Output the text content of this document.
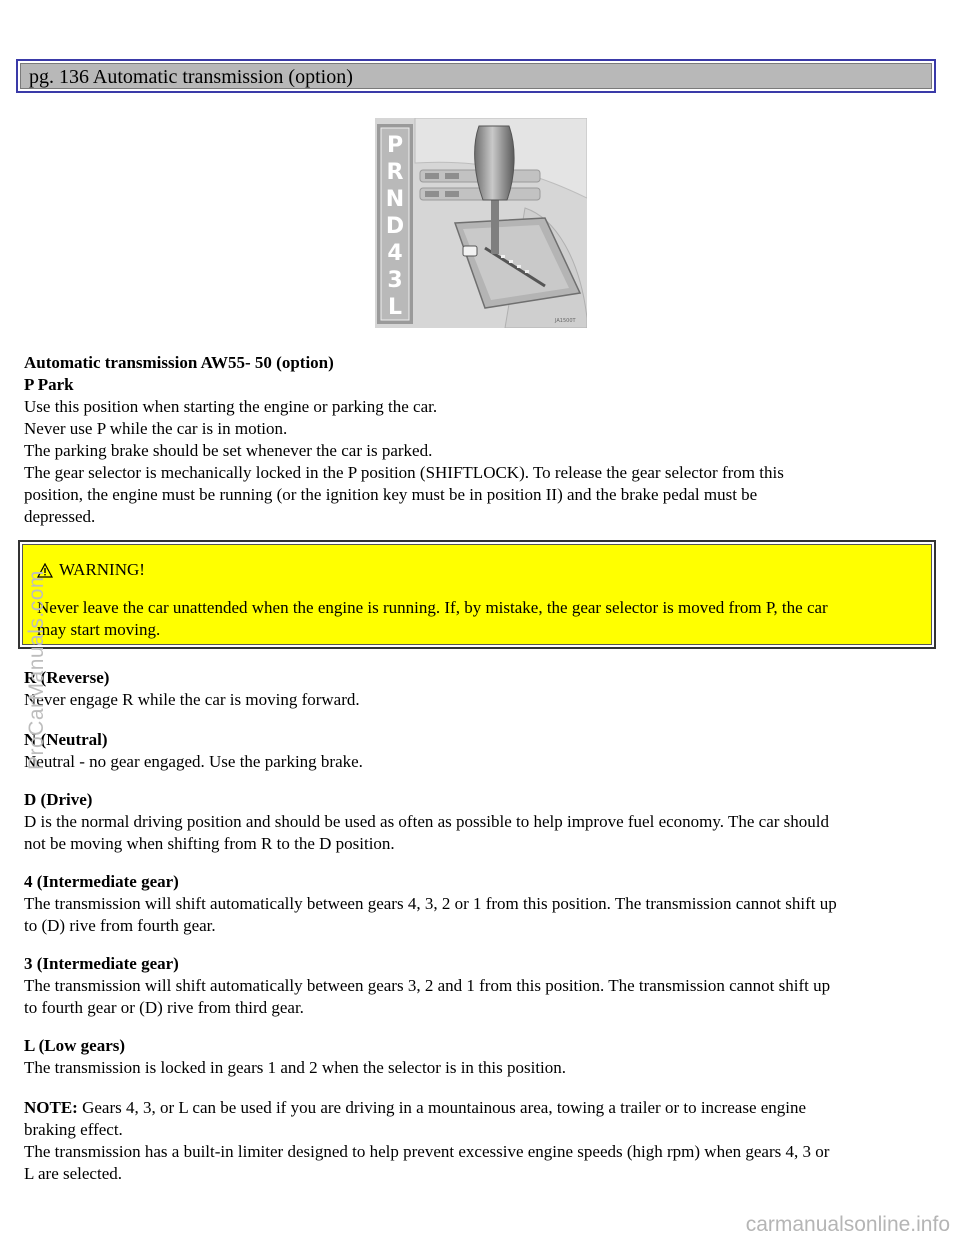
pg. 136 Automatic transmission (option)
P
R
N
D
4
3
L
JA1500T

Automatic transmission AW55- 50 (option)

P Park

Use this position when starting the engine or parking the car.

Never use P while the car is in motion.

The parking brake should be set whenever the car is parked.

The gear selector is mechanically locked in the P position (SHIFTLOCK). To release the gear selector from this

position, the engine must be running (or the ignition key must be in position II) and the brake pedal must be

depressed.

WARNING!

Never leave the car unattended when the engine is running. If, by mistake, the gear selector is moved from P, the car

may start moving.

R (Reverse)

Never engage R while the car is moving forward.

N (Neutral)

Neutral - no gear engaged. Use the parking brake.

D (Drive)

D is the normal driving position and should be used as often as possible to help improve fuel economy. The car should

not be moving when shifting from R to the D position.

4 (Intermediate gear)

The transmission will shift automatically between gears 4, 3, 2 or 1 from this position. The transmission cannot shift up

to (D) rive from fourth gear.

3 (Intermediate gear)

The transmission will shift automatically between gears 3, 2 and 1 from this position. The transmission cannot shift up

to fourth gear or (D) rive from third gear.

L (Low gears)

The transmission is locked in gears 1 and 2 when the selector is in this position.

NOTE: Gears 4, 3, or L can be used if you are driving in a mountainous area, towing a trailer or to increase engine

braking effect.

The transmission has a built-in limiter designed to help prevent excessive engine speeds (high rpm) when gears 4, 3 or

L are selected.

ProCarManuals.com
carmanualsonline.info
